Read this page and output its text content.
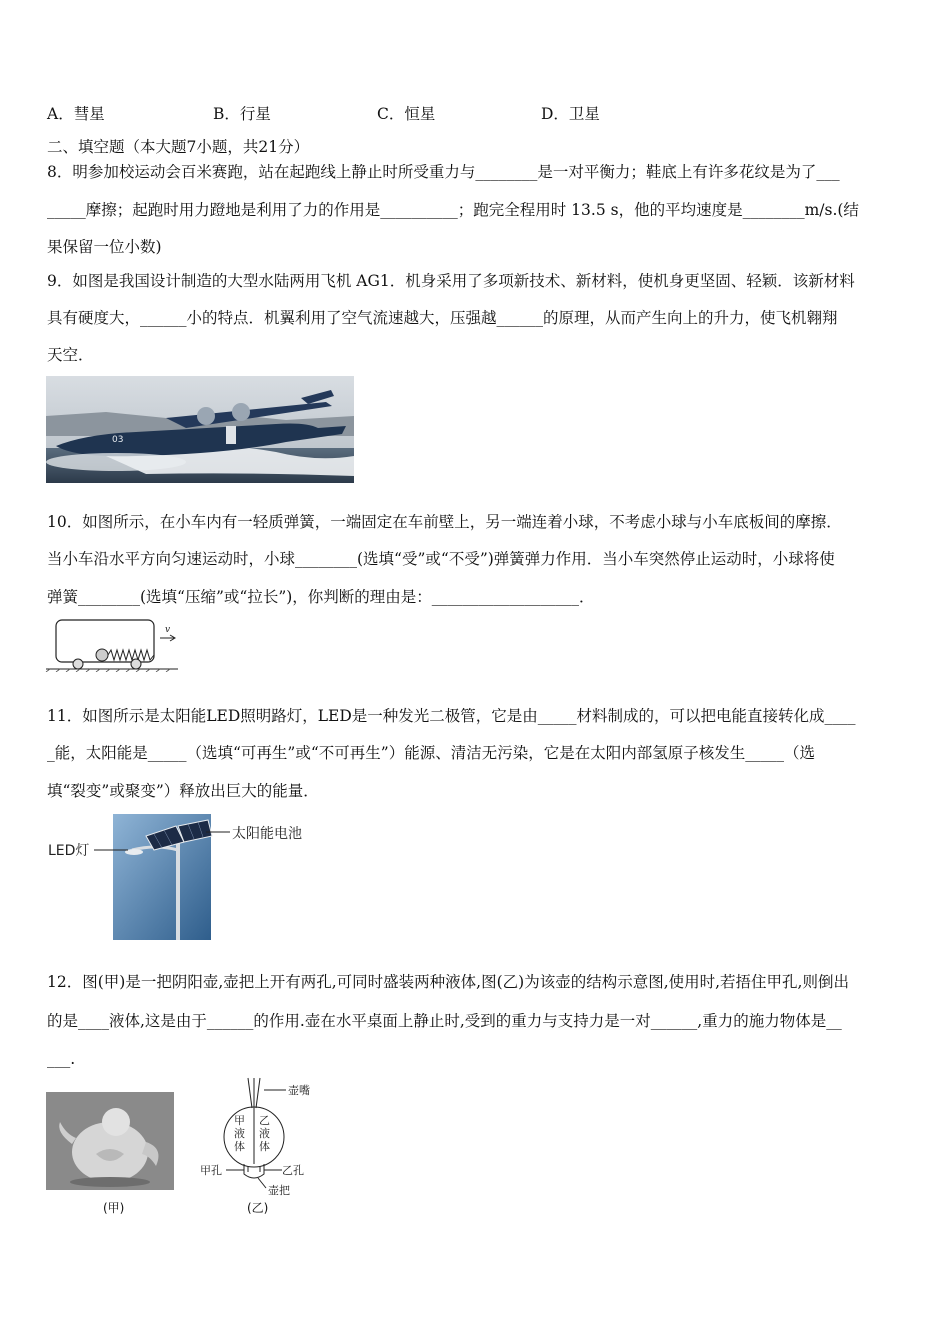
A．彗星	B．行星	C．恒星	D．卫星
二、填空题（本大题7小题，共21分）
8．明参加校运动会百米赛跑，站在起跑线上静止时所受重力与________是一对平衡力；鞋底上有许多花纹是为了___
_____摩擦；起跑时用力蹬地是利用了力的作用是__________；跑完全程用时 13.5 s，他的平均速度是________m/s.(结
果保留一位小数)
9．如图是我国设计制造的大型水陆两用飞机 AG1．机身采用了多项新技术、新材料，使机身更坚固、轻颖．该新材料
具有硬度大，______小的特点．机翼利用了空气流速越大，压强越______的原理，从而产生向上的升力，使飞机翱翔
天空．
03
10．如图所示，在小车内有一轻质弹簧，一端固定在车前壁上，另一端连着小球，不考虑小球与小车底板间的摩擦．
当小车沿水平方向匀速运动时，小球________(选填“受”或“不受”)弹簧弹力作用．当小车突然停止运动时，小球将使
弹簧________(选填“压缩”或“拉长”)，你判断的理由是：___________________．
v
11．如图所示是太阳能LED照明路灯，LED是一种发光二极管，它是由_____材料制成的，可以把电能直接转化成____
_能，太阳能是_____（选填“可再生”或“不可再生”）能源、清洁无污染，它是在太阳内部氢原子核发生_____（选
填“裂变”或聚变”）释放出巨大的能量．
LED灯
太阳能电池
12．图(甲)是一把阴阳壶,壶把上开有两孔,可同时盛装两种液体,图(乙)为该壶的结构示意图,使用时,若捂住甲孔,则倒出
的是____液体,这是由于______的作用.壶在水平桌面上静止时,受到的重力与支持力是一对______,重力的施力物体是__
___.
(甲)
壶嘴
甲
液
体
乙
液
体
甲孔	乙孔
壶把
(乙)
